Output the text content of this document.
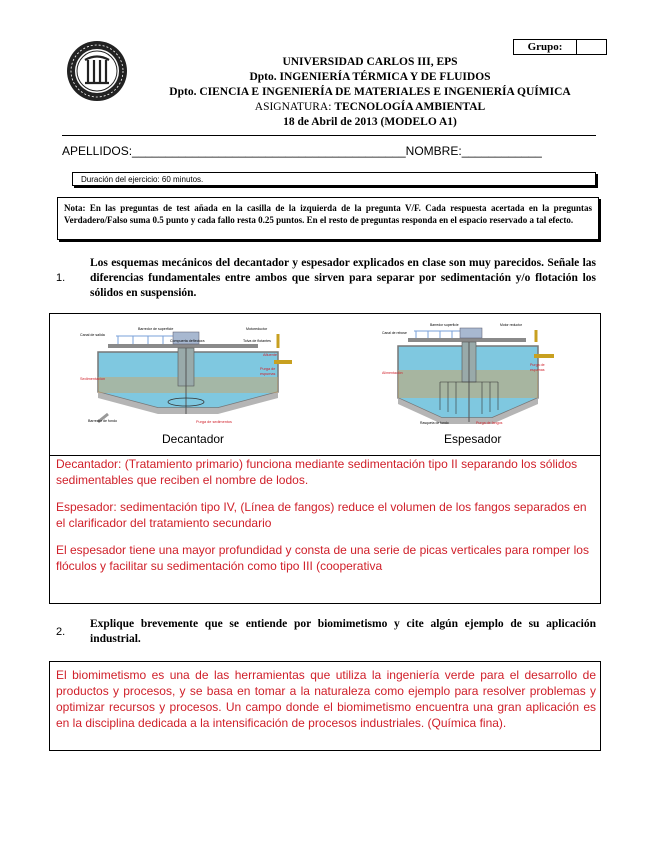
Grupo:
UNIVERSIDAD CARLOS III, EPS
Dpto. INGENIERÍA TÉRMICA Y DE FLUIDOS
Dpto. CIENCIA E INGENIERÍA DE MATERIALES E INGENIERÍA QUÍMICA
ASIGNATURA: TECNOLOGÍA AMBIENTAL
18 de Abril de 2013 (MODELO A1)
APELLIDOS:_________________________________________NOMBRE:____________
Duración del ejercicio: 60 minutos.
Nota: En las preguntas de test añada en la casilla de la izquierda de la pregunta V/F. Cada respuesta acertada en la preguntas Verdadero/Falso suma 0.5 punto y cada fallo resta 0.25 puntos. En el resto de preguntas responda en el espacio reservado a tal efecto.
1.
Los esquemas mecánicos del decantador y espesador explicados en clase son muy parecidos. Señale las diferencias fundamentales entre ambos que sirven para separar por sedimentación y/o flotación los sólidos en suspensión.
Barredor de superficie
Canal de salida
Compuerta deflectora
Motoreductor
Tolva de flotantes
Barredor de fondo
Sedimentacion
Afluente
Purga de
espumas
Purga de sedimentos
Barredor superficie
Canal de rebose
Motor reductor
Rasqueta de fondo
Alimentación
Purga de
espumas
Purga de fangos
Decantador	Espesador
Decantador: (Tratamiento primario) funciona mediante sedimentación tipo II separando los sólidos sedimentables que reciben el nombre de lodos.
Espesador: sedimentación tipo IV, (Línea de fangos) reduce el volumen de los fangos separados en el clarificador del tratamiento secundario
El espesador tiene una mayor profundidad y consta de una serie de picas verticales para romper los flóculos y facilitar su sedimentación como tipo III (cooperativa
2.
Explique brevemente que se entiende por biomimetismo y cite algún ejemplo de su aplicación industrial.
El biomimetismo es una de las herramientas que utiliza la ingeniería verde para el desarrollo de productos y procesos, y se basa en tomar a la naturaleza como ejemplo para resolver problemas y optimizar recursos y procesos. Un campo donde el biomimetismo encuentra una gran aplicación es en la disciplina dedicada a la intensificación de procesos industriales. (Química fina).
